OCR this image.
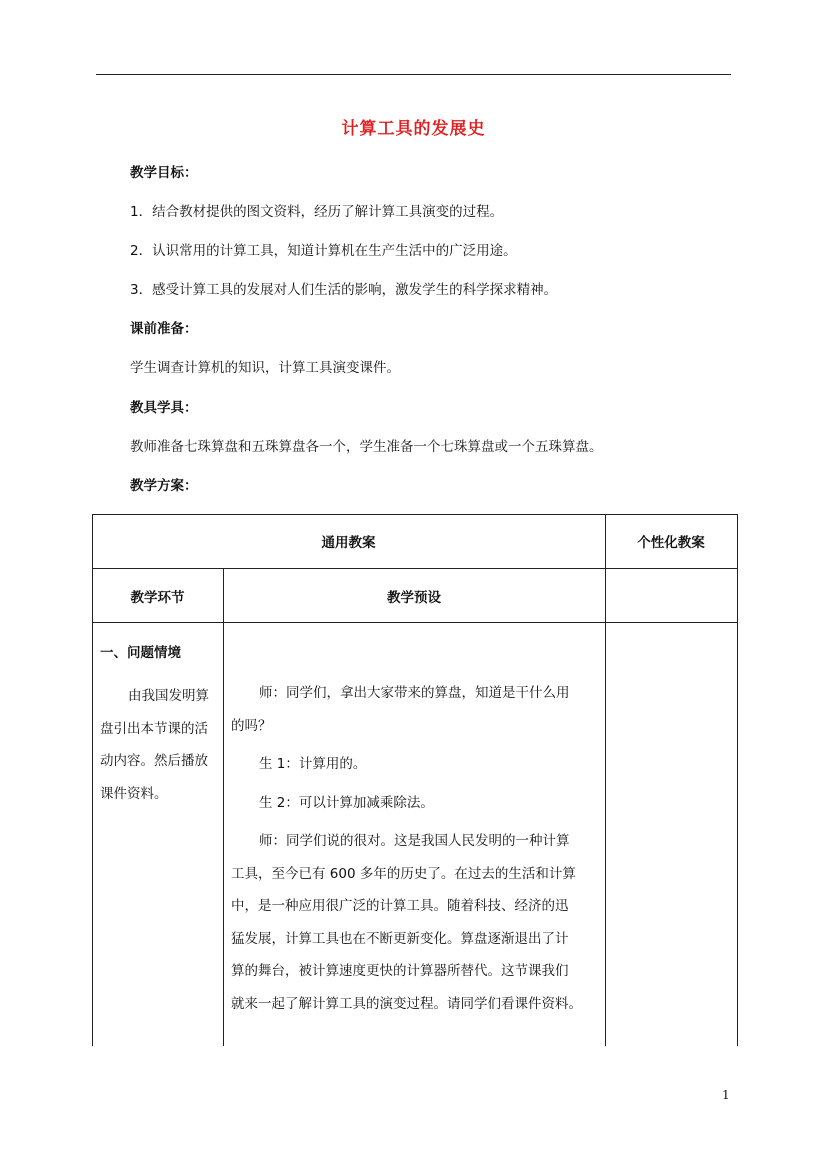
计算工具的发展史
教学目标：
1．结合教材提供的图文资料，经历了解计算工具演变的过程。
2．认识常用的计算工具，知道计算机在生产生活中的广泛用途。
3．感受计算工具的发展对人们生活的影响，激发学生的科学探求精神。
课前准备：
学生调查计算机的知识，计算工具演变课件。
教具学具：
教师准备七珠算盘和五珠算盘各一个，学生准备一个七珠算盘或一个五珠算盘。
教学方案：
通用教案	个性化教案
教学环节	教学预设
一、问题情境
由我国发明算
盘引出本节课的活
动内容。然后播放
课件资料。
师：同学们，拿出大家带来的算盘，知道是干什么用
的吗？
生 1：计算用的。
生 2：可以计算加减乘除法。
师：同学们说的很对。这是我国人民发明的一种计算
工具，至今已有 600 多年的历史了。在过去的生活和计算
中，是一种应用很广泛的计算工具。随着科技、经济的迅
猛发展，计算工具也在不断更新变化。算盘逐渐退出了计
算的舞台，被计算速度更快的计算器所替代。这节课我们
就来一起了解计算工具的演变过程。请同学们看课件资料。
1
